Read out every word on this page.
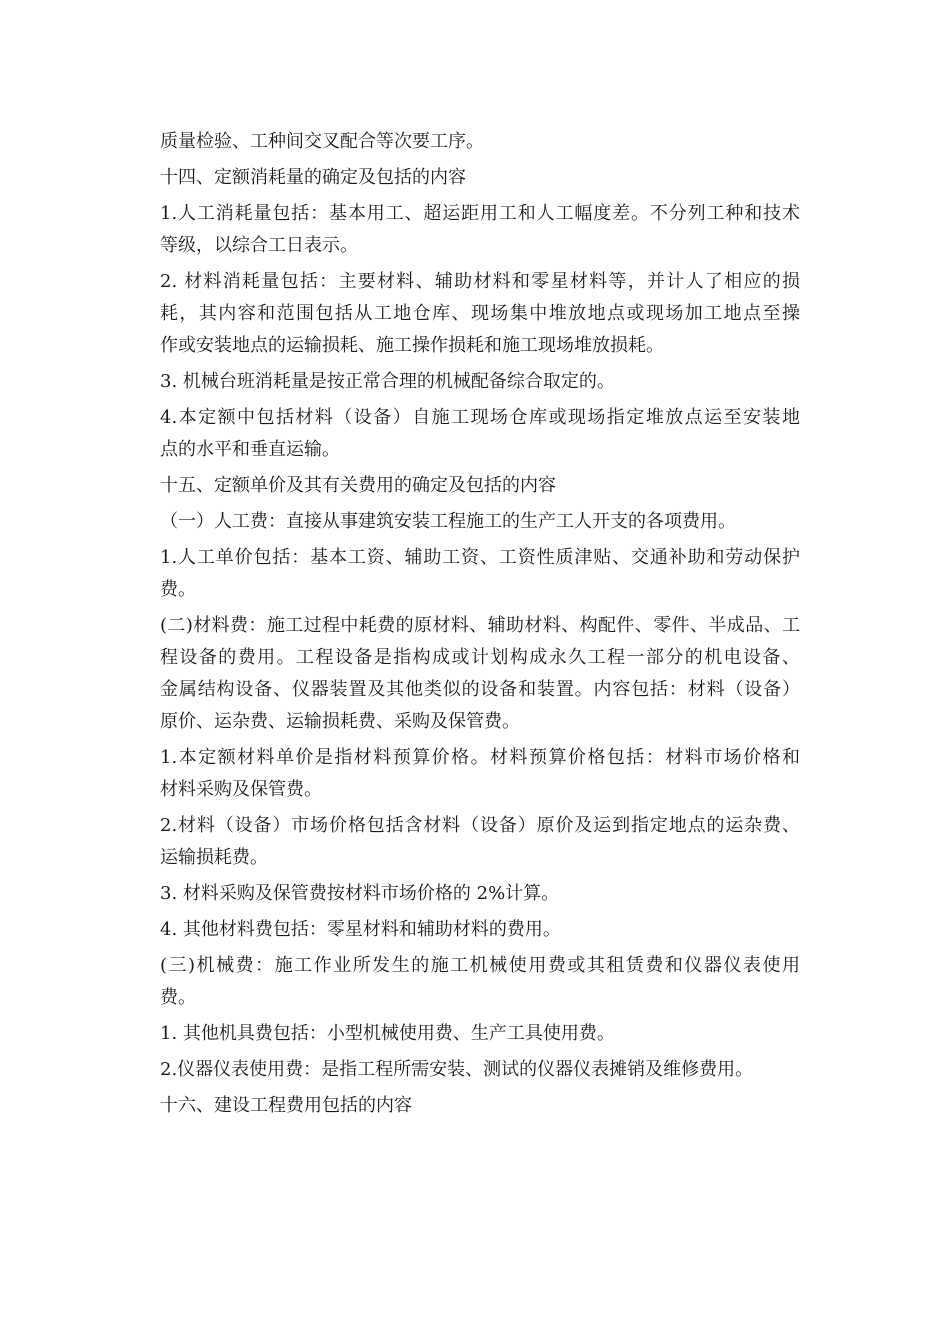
质量检验、工种间交叉配合等次要工序。
十四、定额消耗量的确定及包括的内容
1.人工消耗量包括：基本用工、超运距用工和人工幅度差。不分列工种和技术
等级，以综合工日表示。
2. 材料消耗量包括：主要材料、辅助材料和零星材料等，并计人了相应的损
耗，其内容和范围包括从工地仓库、现场集中堆放地点或现场加工地点至操
作或安装地点的运输损耗、施工操作损耗和施工现场堆放损耗。
3. 机械台班消耗量是按正常合理的机械配备综合取定的。
4.本定额中包括材料（设备）自施工现场仓库或现场指定堆放点运至安装地
点的水平和垂直运输。
十五、定额单价及其有关费用的确定及包括的内容
（一）人工费：直接从事建筑安装工程施工的生产工人开支的各项费用。
1.人工单价包括：基本工资、辅助工资、工资性质津贴、交通补助和劳动保护
费。
(二)材料费：施工过程中耗费的原材料、辅助材料、构配件、零件、半成品、工
程设备的费用。工程设备是指构成或计划构成永久工程一部分的机电设备、
金属结构设备、仪器装置及其他类似的设备和装置。内容包括：材料（设备）
原价、运杂费、运输损耗费、采购及保管费。
1.本定额材料单价是指材料预算价格。材料预算价格包括：材料市场价格和
材料采购及保管费。
2.材料（设备）市场价格包括含材料（设备）原价及运到指定地点的运杂费、
运输损耗费。
3. 材料采购及保管费按材料市场价格的 2%计算。
4. 其他材料费包括：零星材料和辅助材料的费用。
(三)机械费：施工作业所发生的施工机械使用费或其租赁费和仪器仪表使用
费。
1. 其他机具费包括：小型机械使用费、生产工具使用费。
2.仪器仪表使用费：是指工程所需安装、测试的仪器仪表摊销及维修费用。
十六、建设工程费用包括的内容
